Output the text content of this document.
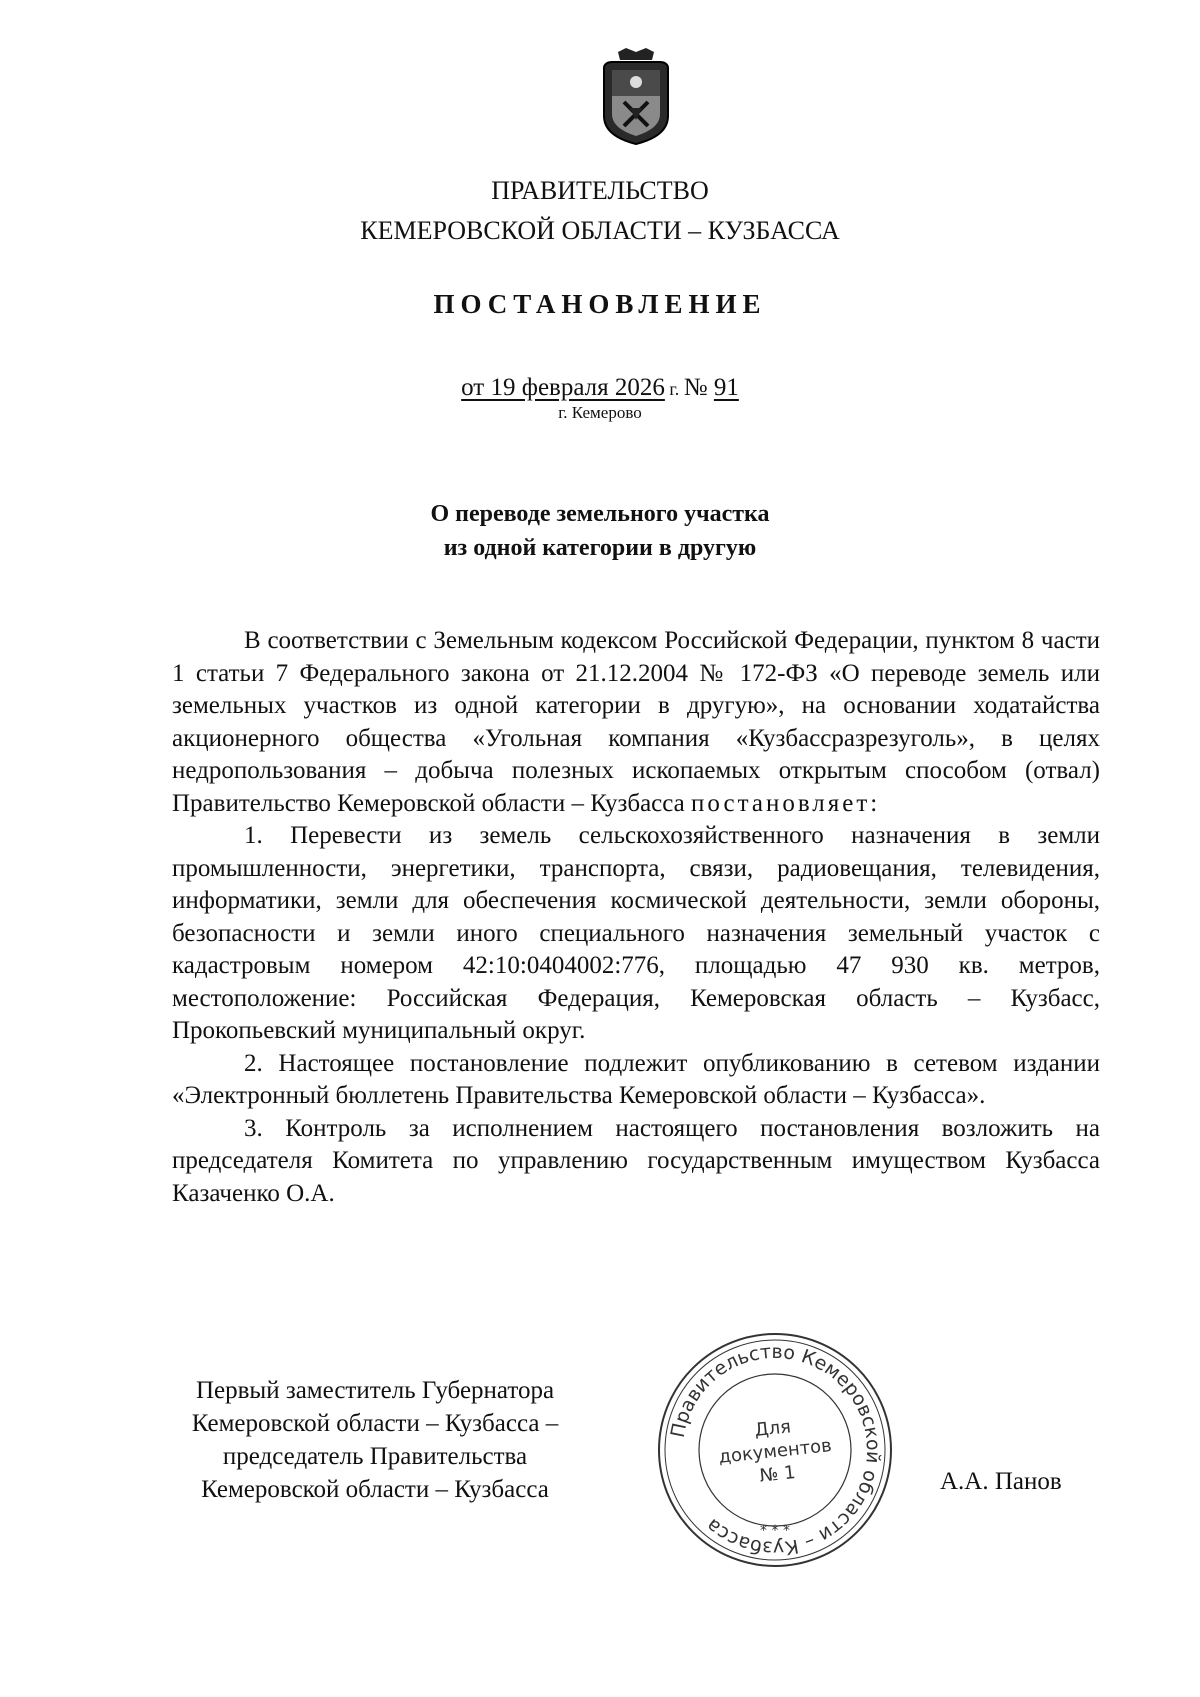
ПРАВИТЕЛЬСТВО
КЕМЕРОВСКОЙ ОБЛАСТИ – КУЗБАССА
ПОСТАНОВЛЕНИЕ
от 19 февраля 2026 г. № 91
г. Кемерово
О переводе земельного участка
из одной категории в другую

В соответствии с Земельным кодексом Российской Федерации, пунктом 8 части 1 статьи 7 Федерального закона от 21.12.2004 № 172-ФЗ «О переводе земель или земельных участков из одной категории в другую», на основании ходатайства акционерного общества «Угольная компания «Кузбассразрезуголь», в целях недропользования – добыча полезных ископаемых открытым способом (отвал) Правительство Кемеровской области – Кузбасса постановляет:

1. Перевести из земель сельскохозяйственного назначения в земли промышленности, энергетики, транспорта, связи, радиовещания, телевидения, информатики, земли для обеспечения космической деятельности, земли обороны, безопасности и земли иного специального назначения земельный участок с кадастровым номером 42:10:0404002:776, площадью 47 930 кв. метров, местоположение: Российская Федерация, Кемеровская область – Кузбасс, Прокопьевский муниципальный округ.

2. Настоящее постановление подлежит опубликованию в сетевом издании «Электронный бюллетень Правительства Кемеровской области – Кузбасса».

3. Контроль за исполнением настоящего постановления возложить на председателя Комитета по управлению государственным имуществом Кузбасса Казаченко О.А.

Первый заместитель Губернатора
Кемеровской области – Кузбасса –
председатель Правительства
Кемеровской области – Кузбасса	А.А. Панов
Правительство Кемеровской области – Кузбасса	* * *
Для
документов
№ 1
